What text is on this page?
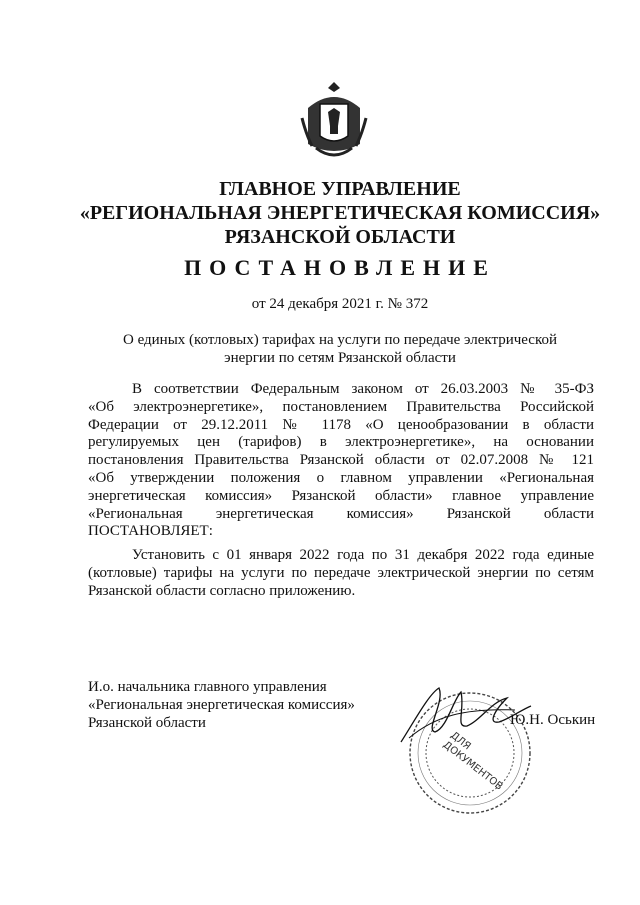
ГЛАВНОЕ УПРАВЛЕНИЕ
«РЕГИОНАЛЬНАЯ ЭНЕРГЕТИЧЕСКАЯ КОМИССИЯ»
РЯЗАНСКОЙ ОБЛАСТИ
ПОСТАНОВЛЕНИЕ
от 24 декабря 2021 г. № 372
О единых (котловых) тарифах на услуги по передаче электрической
энергии по сетям Рязанской области
В соответствии Федеральным законом от 26.03.2003 № 35-ФЗ
«Об электроэнергетике», постановлением Правительства Российской
Федерации от 29.12.2011 № 1178 «О ценообразовании в области
регулируемых цен (тарифов) в электроэнергетике», на основании
постановления Правительства Рязанской области от 02.07.2008 № 121
«Об утверждении положения о главном управлении «Региональная
энергетическая комиссия» Рязанской области» главное управление
«Региональная энергетическая комиссия» Рязанской области
ПОСТАНОВЛЯЕТ:
Установить с 01 января 2022 года по 31 декабря 2022 года единые
(котловые) тарифы на услуги по передаче электрической энергии по сетям
Рязанской области согласно приложению.
И.о. начальника главного управления
«Региональная энергетическая комиссия»
Рязанской области
ДЛЯ ДОКУМЕНТОВ
Ю.Н. Оськин
